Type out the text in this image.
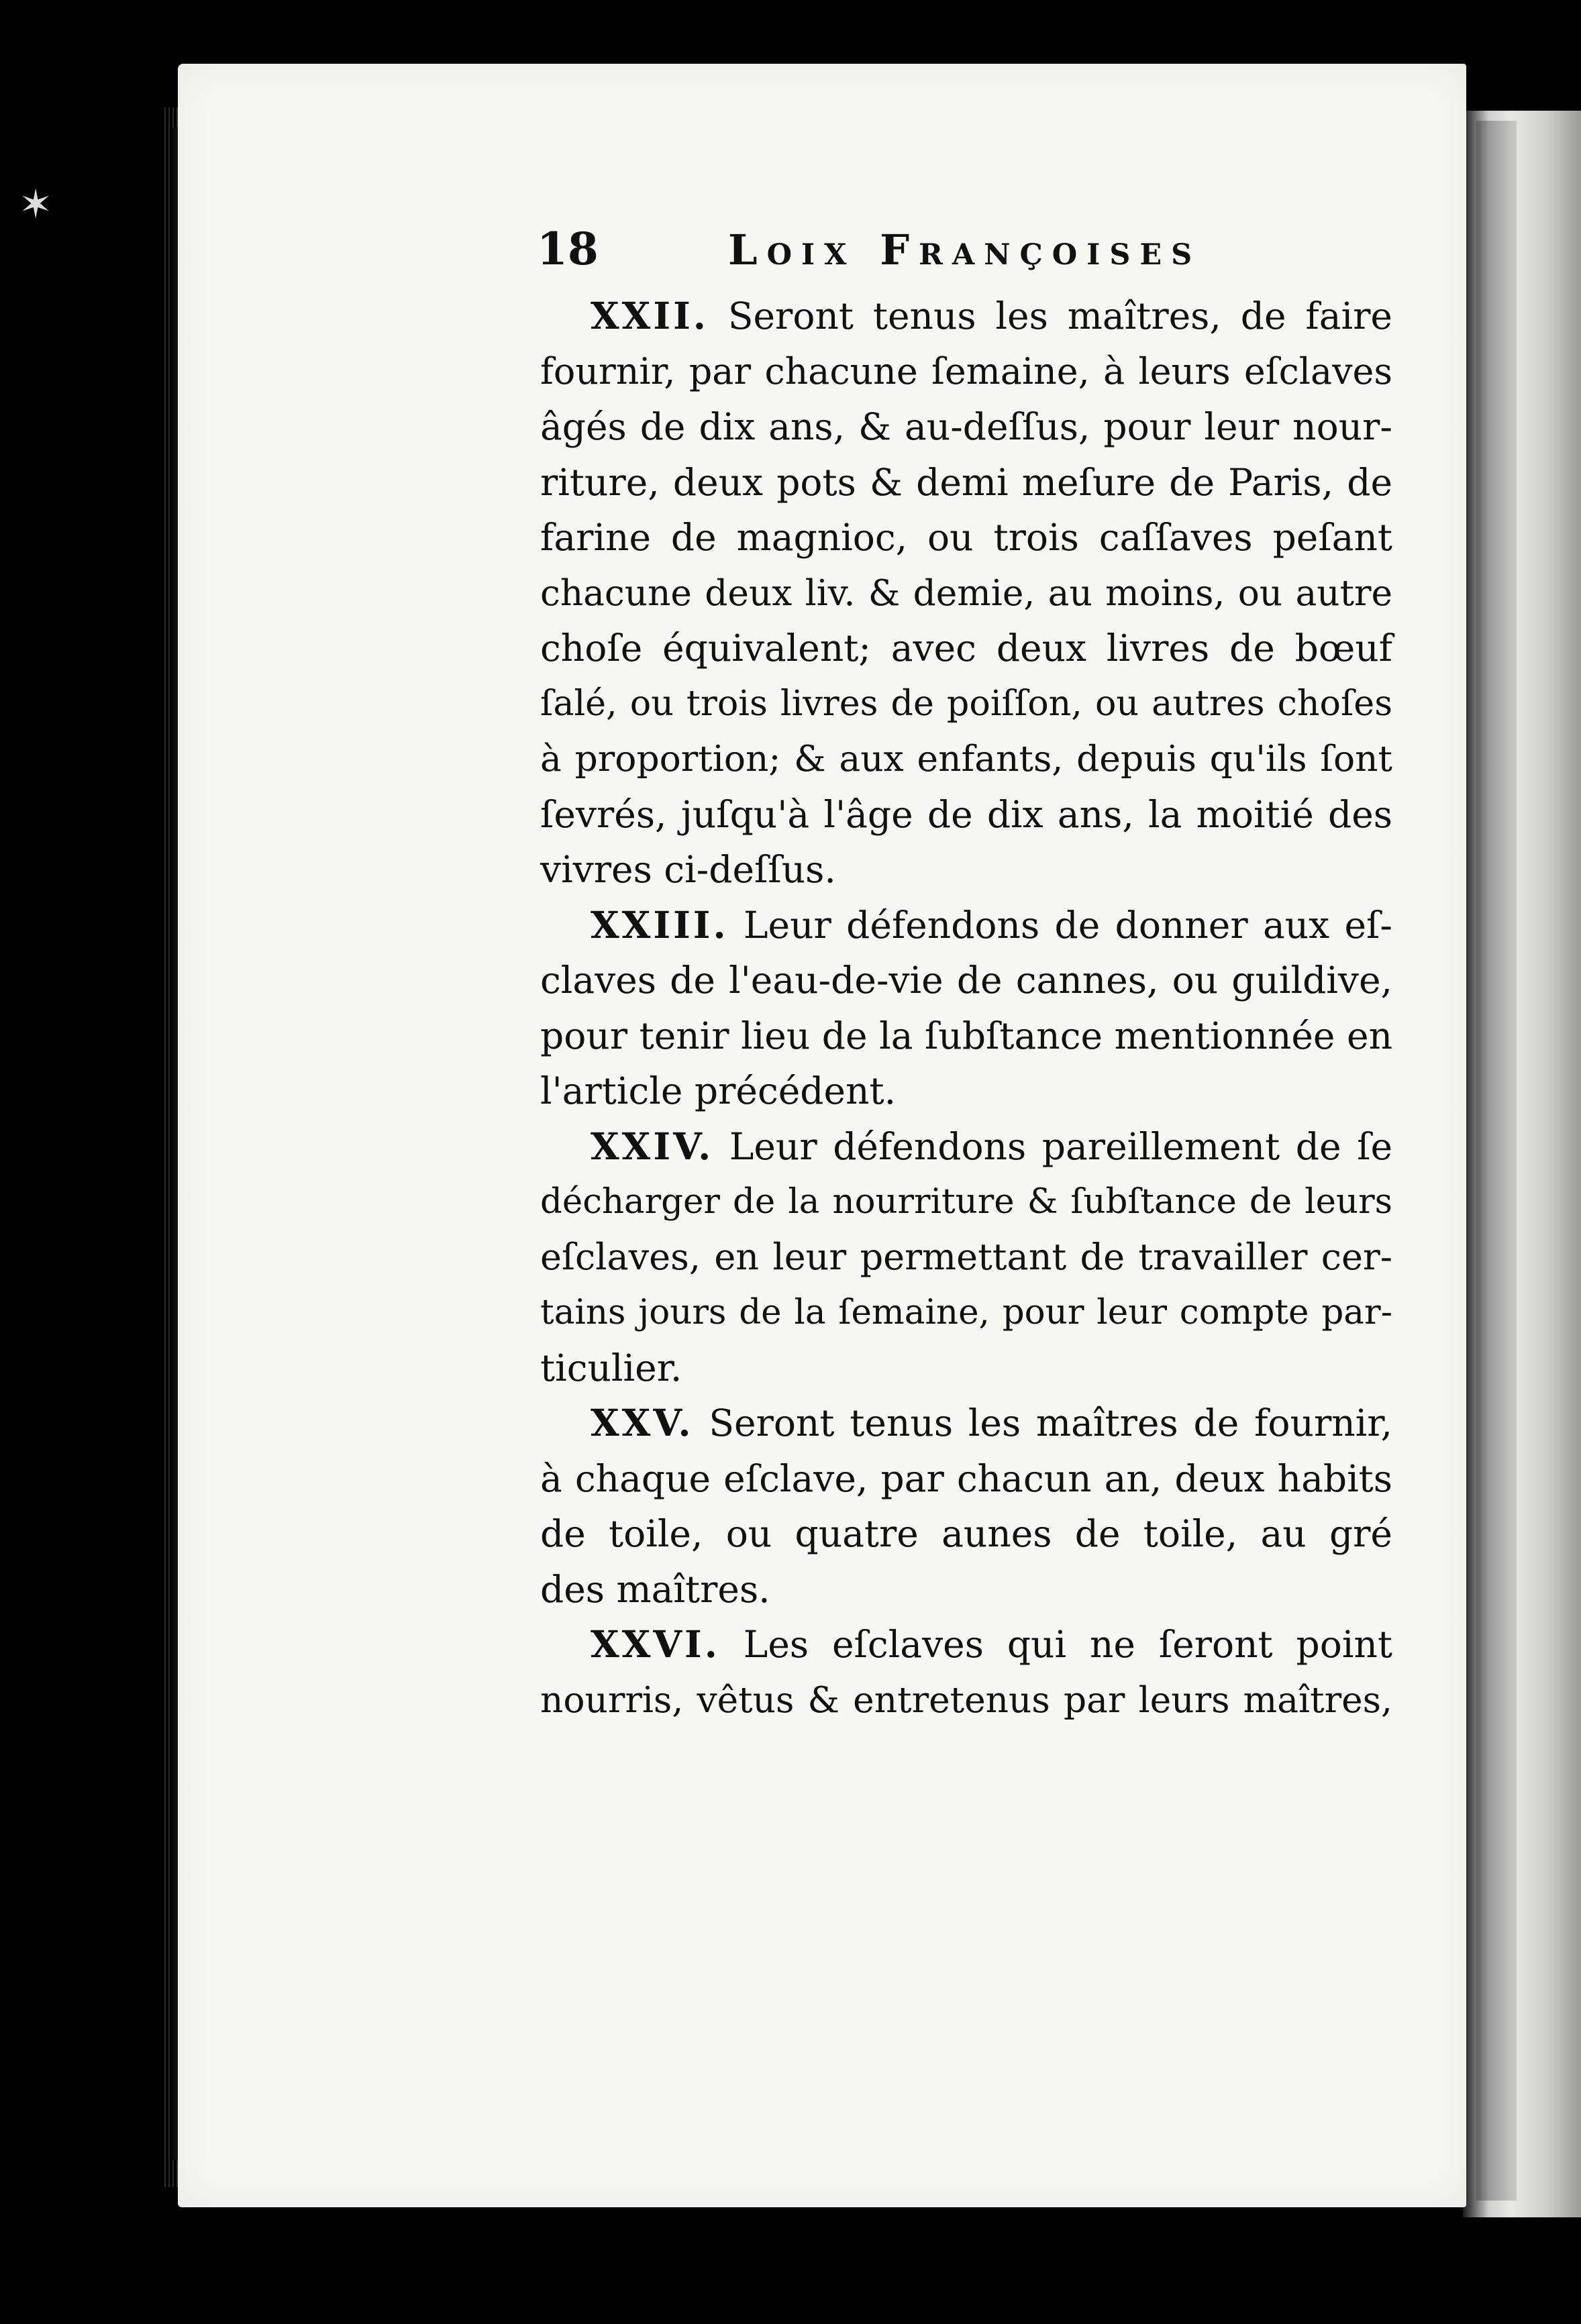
✶
18	Loix Françoises
XXII. Seront tenus les maîtres, de faire
fournir, par chacune ſemaine, à leurs eſclaves
âgés de dix ans, & au-deſſus, pour leur nour-
riture, deux pots & demi meſure de Paris, de
farine de magnioc, ou trois caſſaves peſant
chacune deux liv. & demie, au moins, ou autre
choſe équivalent; avec deux livres de bœuf
ſalé, ou trois livres de poiſſon, ou autres choſes
à proportion; & aux enfants, depuis qu'ils ſont
ſevrés, juſqu'à l'âge de dix ans, la moitié des
vivres ci-deſſus.
XXIII. Leur défendons de donner aux eſ-
claves de l'eau-de-vie de cannes, ou guildive,
pour tenir lieu de la ſubſtance mentionnée en
l'article précédent.
XXIV. Leur défendons pareillement de ſe
décharger de la nourriture & ſubſtance de leurs
eſclaves, en leur permettant de travailler cer-
tains jours de la ſemaine, pour leur compte par-
ticulier.
XXV. Seront tenus les maîtres de fournir,
à chaque eſclave, par chacun an, deux habits
de toile, ou quatre aunes de toile, au gré
des maîtres.
XXVI. Les eſclaves qui ne ſeront point
nourris, vêtus & entretenus par leurs maîtres,
